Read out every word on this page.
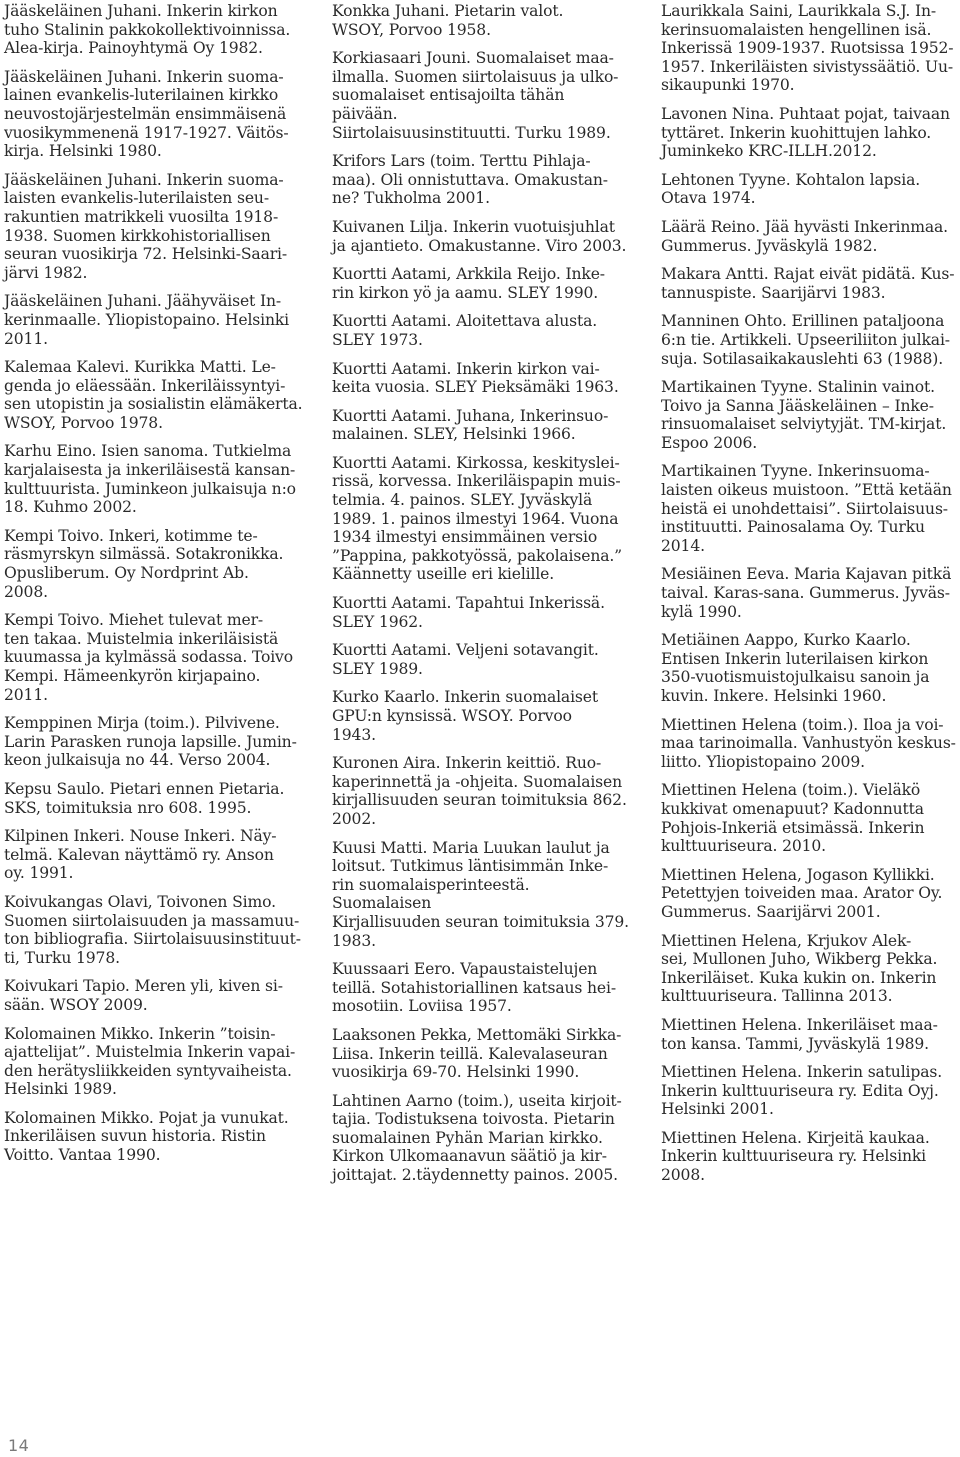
Jääskeläinen Juhani. Inkerin kirkon
tuho Stalinin pakkokollektivoinnissa.
Alea-kirja. Painoyhtymä Oy 1982.

Jääskeläinen Juhani. Inkerin suoma-
lainen evankelis-luterilainen kirkko
neuvostojärjestelmän ensimmäisenä
vuosikymmenenä 1917-1927. Väitös-
kirja. Helsinki 1980.

Jääskeläinen Juhani. Inkerin suoma-
laisten evankelis-luterilaisten seu-
rakuntien matrikkeli vuosilta 1918-
1938. Suomen kirkkohistoriallisen
seuran vuosikirja 72. Helsinki-Saari-
järvi 1982.

Jääskeläinen Juhani. Jäähyväiset In-
kerinmaalle. Yliopistopaino. Helsinki
2011.

Kalemaa Kalevi. Kurikka Matti. Le-
genda jo eläessään. Inkeriläissyntyi-
sen utopistin ja sosialistin elämäkerta.
WSOY, Porvoo 1978.

Karhu Eino. Isien sanoma. Tutkielma
karjalaisesta ja inkeriläisestä kansan-
kulttuurista. Juminkeon julkaisuja n:o
18. Kuhmo 2002.

Kempi Toivo. Inkeri, kotimme te-
räsmyrskyn silmässä. Sotakronikka.
Opusliberum. Oy Nordprint Ab.
2008.

Kempi Toivo. Miehet tulevat mer-
ten takaa. Muistelmia inkeriläisistä
kuumassa ja kylmässä sodassa. Toivo
Kempi. Hämeenkyrön kirjapaino.
2011.

Kemppinen Mirja (toim.). Pilvivene.
Larin Parasken runoja lapsille. Jumin-
keon julkaisuja no 44. Verso 2004.

Kepsu Saulo. Pietari ennen Pietaria.
SKS, toimituksia nro 608. 1995.

Kilpinen Inkeri. Nouse Inkeri. Näy-
telmä. Kalevan näyttämö ry. Anson
oy. 1991.

Koivukangas Olavi, Toivonen Simo.
Suomen siirtolaisuuden ja massamuu-
ton bibliografia. Siirtolaisuusinstituut-
ti, Turku 1978.

Koivukari Tapio. Meren yli, kiven si-
sään. WSOY 2009.

Kolomainen Mikko. Inkerin ”toisin-
ajattelijat”. Muistelmia Inkerin vapai-
den herätysliikkeiden syntyvaiheista.
Helsinki 1989.

Kolomainen Mikko. Pojat ja vunukat.
Inkeriläisen suvun historia. Ristin
Voitto. Vantaa 1990.

Konkka Juhani. Pietarin valot.
WSOY, Porvoo 1958.

Korkiasaari Jouni. Suomalaiset maa-
ilmalla. Suomen siirtolaisuus ja ulko-
suomalaiset entisajoilta tähän päivään.
Siirtolaisuusinstituutti. Turku 1989.

Krifors Lars (toim. Terttu Pihlaja-
maa). Oli onnistuttava. Omakustan-
ne? Tukholma 2001.

Kuivanen Lilja. Inkerin vuotuisjuhlat
ja ajantieto. Omakustanne. Viro 2003.

Kuortti Aatami, Arkkila Reijo. Inke-
rin kirkon yö ja aamu. SLEY 1990.

Kuortti Aatami. Aloitettava alusta.
SLEY 1973.

Kuortti Aatami. Inkerin kirkon vai-
keita vuosia. SLEY Pieksämäki 1963.

Kuortti Aatami. Juhana, Inkerinsuo-
malainen. SLEY, Helsinki 1966.

Kuortti Aatami. Kirkossa, keskityslei-
rissä, korvessa. Inkeriläispapin muis-
telmia. 4. painos. SLEY. Jyväskylä
1989. 1. painos ilmestyi 1964. Vuona
1934 ilmestyi ensimmäinen versio
”Pappina, pakkotyössä, pakolaisena.”
Käännetty useille eri kielille.

Kuortti Aatami. Tapahtui Inkerissä.
SLEY 1962.

Kuortti Aatami. Veljeni sotavangit.
SLEY 1989.

Kurko Kaarlo. Inkerin suomalaiset
GPU:n kynsissä. WSOY. Porvoo
1943.

Kuronen Aira. Inkerin keittiö. Ruo-
kaperinnettä ja -ohjeita. Suomalaisen
kirjallisuuden seuran toimituksia 862.
2002.

Kuusi Matti. Maria Luukan laulut ja
loitsut. Tutkimus läntisimmän Inke-
rin suomalaisperinteestä. Suomalaisen
Kirjallisuuden seuran toimituksia 379.
1983.

Kuussaari Eero. Vapaustaistelujen
teillä. Sotahistoriallinen katsaus hei-
mosotiin. Loviisa 1957.

Laaksonen Pekka, Mettomäki Sirkka-
Liisa. Inkerin teillä. Kalevalaseuran
vuosikirja 69-70. Helsinki 1990.

Lahtinen Aarno (toim.), useita kirjoit-
tajia. Todistuksena toivosta. Pietarin
suomalainen Pyhän Marian kirkko.
Kirkon Ulkomaanavun säätiö ja kir-
joittajat. 2.täydennetty painos. 2005.

Laurikkala Saini, Laurikkala S.J. In-
kerinsuomalaisten hengellinen isä.
Inkerissä 1909-1937. Ruotsissa 1952-
1957. Inkeriläisten sivistyssäätiö. Uu-
sikaupunki 1970.

Lavonen Nina. Puhtaat pojat, taivaan
tyttäret. Inkerin kuohittujen lahko.
Juminkeko KRC-ILLH.2012.

Lehtonen Tyyne. Kohtalon lapsia.
Otava 1974.

Läärä Reino. Jää hyvästi Inkerinmaa.
Gummerus. Jyväskylä 1982.

Makara Antti. Rajat eivät pidätä. Kus-
tannuspiste. Saarijärvi 1983.

Manninen Ohto. Erillinen pataljoona
6:n tie. Artikkeli. Upseeriliiton julkai-
suja. Sotilasaikakauslehti 63 (1988).

Martikainen Tyyne. Stalinin vainot.
Toivo ja Sanna Jääskeläinen – Inke-
rinsuomalaiset selviytyjät. TM-kirjat.
Espoo 2006.

Martikainen Tyyne. Inkerinsuoma-
laisten oikeus muistoon. ”Että ketään
heistä ei unohdettaisi”. Siirtolaisuus-
instituutti. Painosalama Oy. Turku
2014.

Mesiäinen Eeva. Maria Kajavan pitkä
taival. Karas-sana. Gummerus. Jyväs-
kylä 1990.

Metiäinen Aappo, Kurko Kaarlo.
Entisen Inkerin luterilaisen kirkon
350-vuotismuistojulkaisu sanoin ja
kuvin. Inkere. Helsinki 1960.

Miettinen Helena (toim.). Iloa ja voi-
maa tarinoimalla. Vanhustyön keskus-
liitto. Yliopistopaino 2009.

Miettinen Helena (toim.). Vieläkö
kukkivat omenapuut? Kadonnutta
Pohjois-Inkeriä etsimässä. Inkerin
kulttuuriseura. 2010.

Miettinen Helena, Jogason Kyllikki.
Petettyjen toiveiden maa. Arator Oy.
Gummerus. Saarijärvi 2001.

Miettinen Helena, Krjukov Alek-
sei, Mullonen Juho, Wikberg Pekka.
Inkeriläiset. Kuka kukin on. Inkerin
kulttuuriseura. Tallinna 2013.

Miettinen Helena. Inkeriläiset maa-
ton kansa. Tammi, Jyväskylä 1989.

Miettinen Helena. Inkerin satulipas.
Inkerin kulttuuriseura ry. Edita Oyj.
Helsinki 2001.

Miettinen Helena. Kirjeitä kaukaa.
Inkerin kulttuuriseura ry. Helsinki
2008.

14
